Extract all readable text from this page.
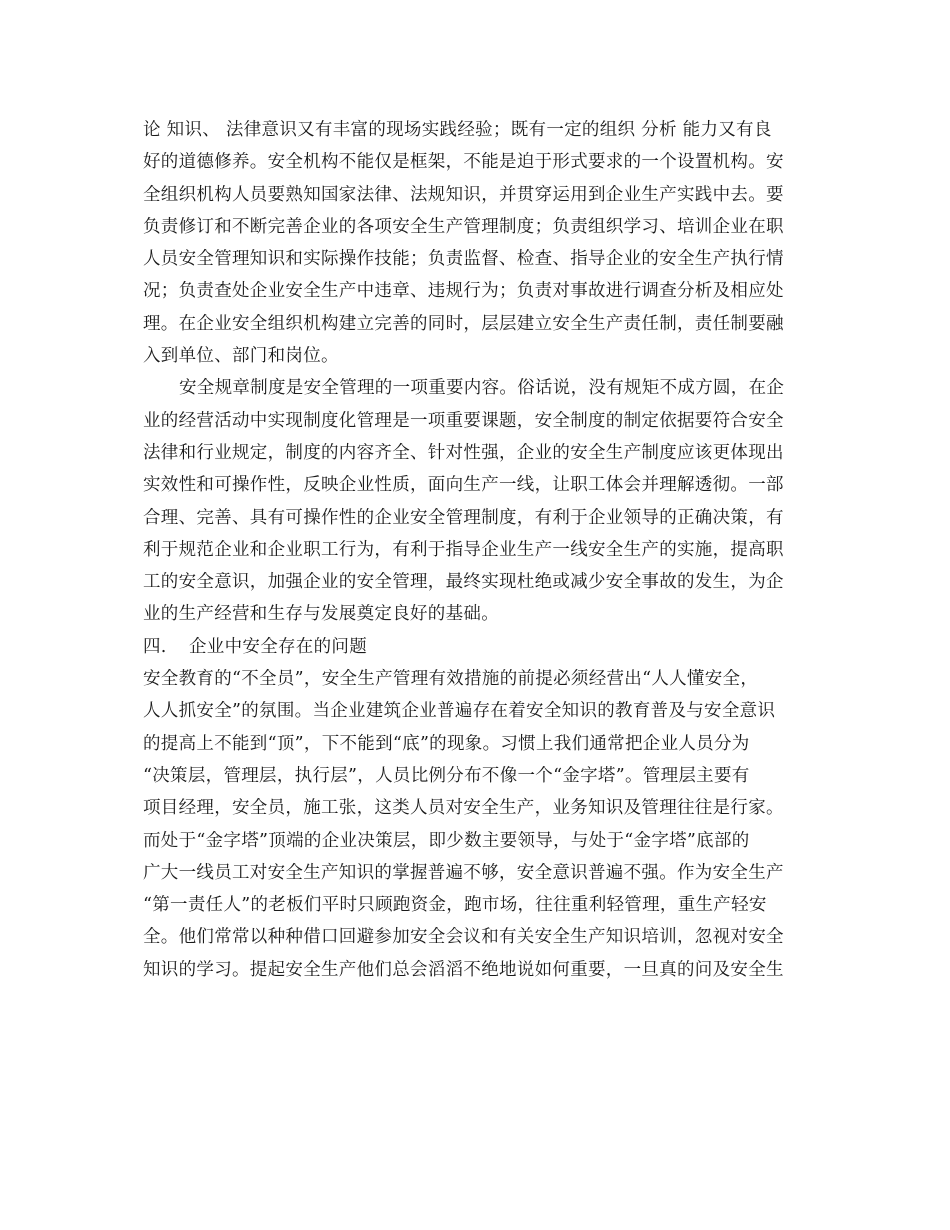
论 知识、 法律意识又有丰富的现场实践经验；既有一定的组织 分析 能力又有良
好的道德修养。安全机构不能仅是框架，不能是迫于形式要求的一个设置机构。安
全组织机构人员要熟知国家法律、法规知识，并贯穿运用到企业生产实践中去。要
负责修订和不断完善企业的各项安全生产管理制度；负责组织学习、培训企业在职
人员安全管理知识和实际操作技能；负责监督、检查、指导企业的安全生产执行情
况；负责查处企业安全生产中违章、违规行为；负责对事故进行调查分析及相应处
理。在企业安全组织机构建立完善的同时，层层建立安全生产责任制，责任制要融
入到单位、部门和岗位。
安全规章制度是安全管理的一项重要内容。俗话说，没有规矩不成方圆，在企
业的经营活动中实现制度化管理是一项重要课题，安全制度的制定依据要符合安全
法律和行业规定，制度的内容齐全、针对性强，企业的安全生产制度应该更体现出
实效性和可操作性，反映企业性质，面向生产一线，让职工体会并理解透彻。一部
合理、完善、具有可操作性的企业安全管理制度，有利于企业领导的正确决策，有
利于规范企业和企业职工行为，有利于指导企业生产一线安全生产的实施，提高职
工的安全意识，加强企业的安全管理，最终实现杜绝或减少安全事故的发生，为企
业的生产经营和生存与发展奠定良好的基础。
四. 企业中安全存在的问题
安全教育的“不全员”，安全生产管理有效措施的前提必须经营出“人人懂安全，
人人抓安全”的氛围。当企业建筑企业普遍存在着安全知识的教育普及与安全意识
的提高上不能到“顶”，下不能到“底”的现象。习惯上我们通常把企业人员分为
“决策层，管理层，执行层”，人员比例分布不像一个“金字塔”。管理层主要有
项目经理，安全员，施工张，这类人员对安全生产，业务知识及管理往往是行家。
而处于“金字塔”顶端的企业决策层，即少数主要领导，与处于“金字塔”底部的
广大一线员工对安全生产知识的掌握普遍不够，安全意识普遍不强。作为安全生产
“第一责任人”的老板们平时只顾跑资金，跑市场，往往重利轻管理，重生产轻安
全。他们常常以种种借口回避参加安全会议和有关安全生产知识培训，忽视对安全
知识的学习。提起安全生产他们总会滔滔不绝地说如何重要，一旦真的问及安全生
